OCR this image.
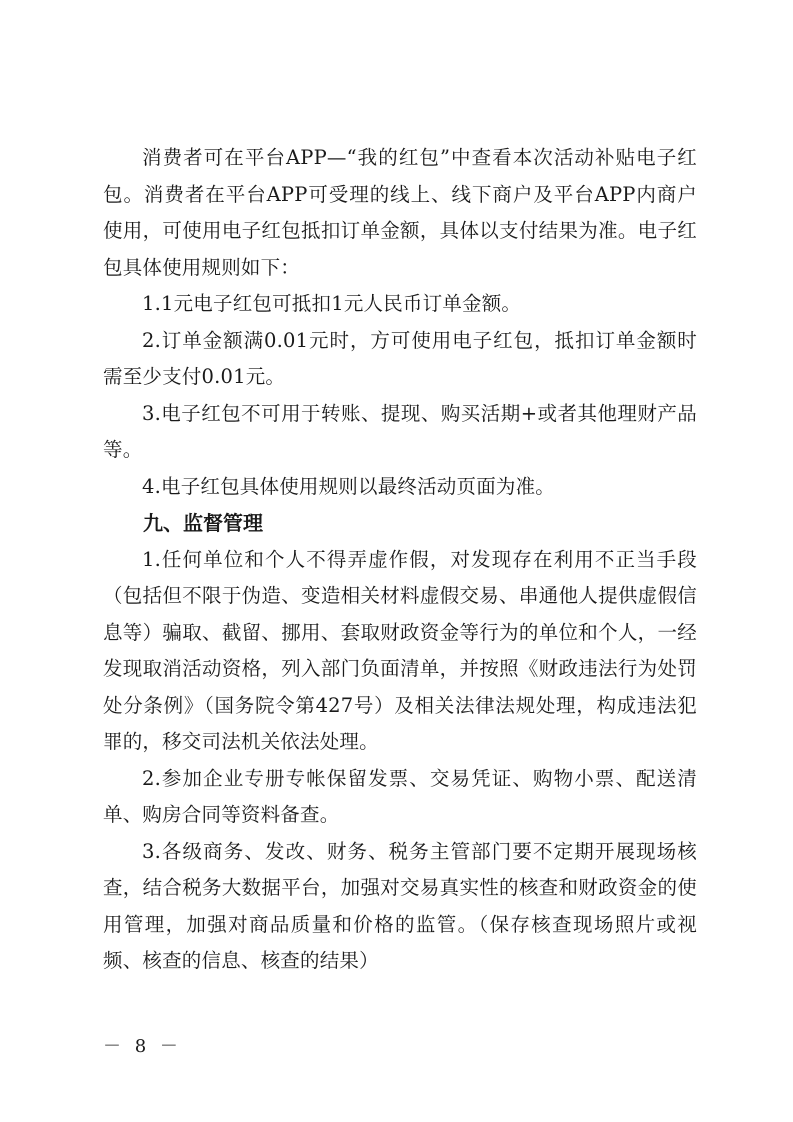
消费者可在平台APP—“我的红包”中查看本次活动补贴电子红包。消费者在平台APP可受理的线上、线下商户及平台APP内商户使用，可使用电子红包抵扣订单金额，具体以支付结果为准。电子红包具体使用规则如下：

1.1元电子红包可抵扣1元人民币订单金额。

2.订单金额满0.01元时，方可使用电子红包，抵扣订单金额时需至少支付0.01元。

3.电子红包不可用于转账、提现、购买活期+或者其他理财产品等。

4.电子红包具体使用规则以最终活动页面为准。

九、监督管理

1.任何单位和个人不得弄虚作假，对发现存在利用不正当手段（包括但不限于伪造、变造相关材料虚假交易、串通他人提供虚假信息等）骗取、截留、挪用、套取财政资金等行为的单位和个人，一经发现取消活动资格，列入部门负面清单，并按照《财政违法行为处罚处分条例》（国务院令第427号）及相关法律法规处理，构成违法犯罪的，移交司法机关依法处理。

2.参加企业专册专帐保留发票、交易凭证、购物小票、配送清单、购房合同等资料备查。

3.各级商务、发改、财务、税务主管部门要不定期开展现场核查，结合税务大数据平台，加强对交易真实性的核查和财政资金的使用管理，加强对商品质量和价格的监管。（保存核查现场照片或视频、核查的信息、核查的结果）

－ 8 －
